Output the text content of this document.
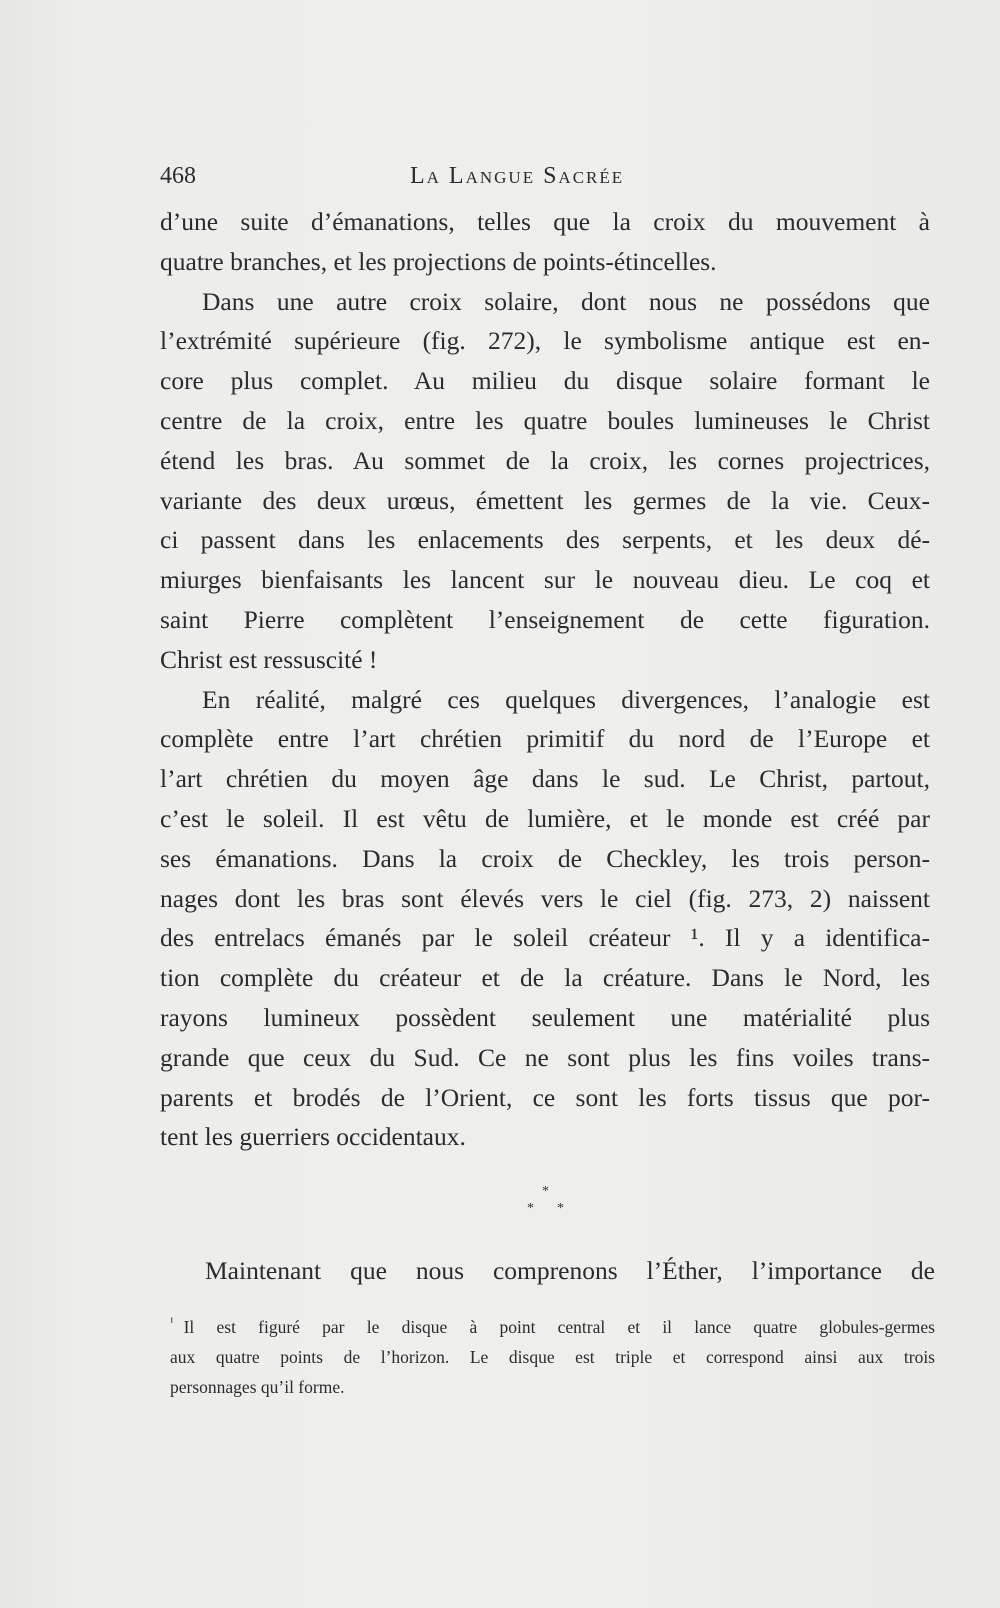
468	La Langue Sacrée
d’une suite d’émanations, telles que la croix du mouvement à
quatre branches, et les projections de points-étincelles.
Dans une autre croix solaire, dont nous ne possédons que
l’extrémité supérieure (fig. 272), le symbolisme antique est en-
core plus complet. Au milieu du disque solaire formant le
centre de la croix, entre les quatre boules lumineuses le Christ
étend les bras. Au sommet de la croix, les cornes projectrices,
variante des deux urœus, émettent les germes de la vie. Ceux-
ci passent dans les enlacements des serpents, et les deux dé-
miurges bienfaisants les lancent sur le nouveau dieu. Le coq et
saint Pierre complètent l’enseignement de cette figuration.
Christ est ressuscité !
En réalité, malgré ces quelques divergences, l’analogie est
complète entre l’art chrétien primitif du nord de l’Europe et
l’art chrétien du moyen âge dans le sud. Le Christ, partout,
c’est le soleil. Il est vêtu de lumière, et le monde est créé par
ses émanations. Dans la croix de Checkley, les trois person-
nages dont les bras sont élevés vers le ciel (fig. 273, 2) naissent
des entrelacs émanés par le soleil créateur ¹. Il y a identifica-
tion complète du créateur et de la créature. Dans le Nord, les
rayons lumineux possèdent seulement une matérialité plus
grande que ceux du Sud. Ce ne sont plus les fins voiles trans-
parents et brodés de l’Orient, ce sont les forts tissus que por-
tent les guerriers occidentaux.
*
* *
Maintenant que nous comprenons l’Éther, l’importance de
$^{^1}$ Il est figuré par le disque à point central et il lance quatre globules-germes
aux quatre points de l’horizon. Le disque est triple et correspond ainsi aux trois
personnages qu’il forme.
